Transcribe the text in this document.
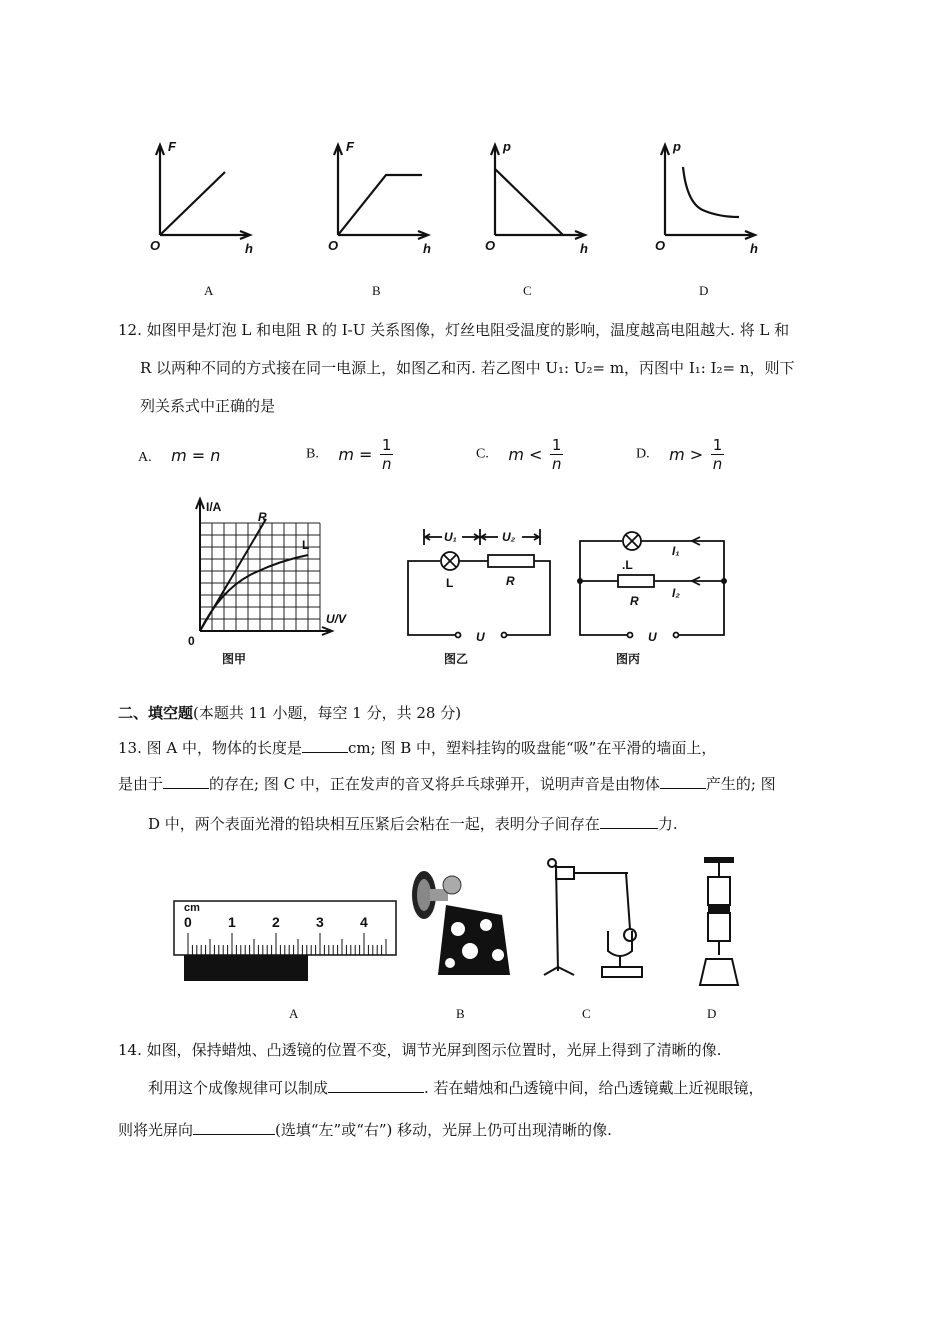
F
O	h
F
O	h
p
O	h
p
O	h
A	B	C	D
12. 如图甲是灯泡 L 和电阻 R 的 I-U 关系图像，灯丝电阻受温度的影响，温度越高电阻越大. 将 L 和
R 以两种不同的方式接在同一电源上，如图乙和丙. 若乙图中 U₁: U₂= m，丙图中 I₁: I₂= n，则下
列关系式中正确的是
A. m = n	B. $m = \frac{1}{n}$	C. $m < \frac{1}{n}$	D. $m > \frac{1}{n}$
I/A
U/V
0
R
L
图甲
U₁	U₂
L	R
U
图乙
I₁
I₂
.L
R
U
图丙
二、填空题(本题共 11 小题，每空 1 分，共 28 分)
13. 图 A 中，物体的长度是	cm; 图 B 中，塑料挂钩的吸盘能“吸”在平滑的墙面上，
是由于	的存在; 图 C 中，正在发声的音叉将乒乓球弹开，说明声音是由物体	产生的; 图
D 中，两个表面光滑的铅块相互压紧后会粘在一起，表明分子间存在	力.
cm
0	1	2	3	4
A	B	C	D
14. 如图，保持蜡烛、凸透镜的位置不变，调节光屏到图示位置时，光屏上得到了清晰的像.
利用这个成像规律可以制成	. 若在蜡烛和凸透镜中间，给凸透镜戴上近视眼镜，
则将光屏向	(选填“左”或“右”) 移动，光屏上仍可出现清晰的像.
